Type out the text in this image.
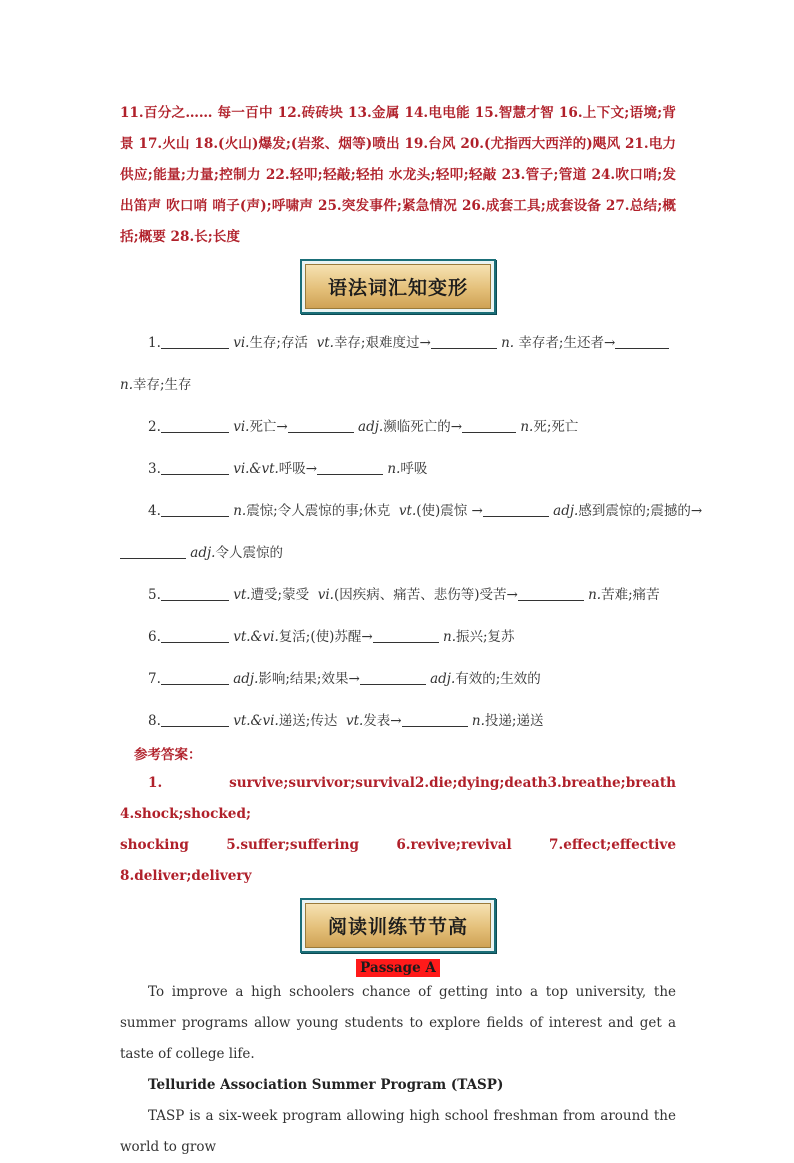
11.百分之…… 每一百中 12.砖砖块 13.金属 14.电电能 15.智慧才智 16.上下文;语境;背景 17.火山 18.(火山)爆发;(岩浆、烟等)喷出 19.台风 20.(尤指西大西洋的)飓风 21.电力供应;能量;力量;控制力 22.轻叩;轻敲;轻拍 水龙头;轻叩;轻敲 23.管子;管道 24.吹口哨;发出笛声 吹口哨 哨子(声);呼啸声 25.突发事件;紧急情况 26.成套工具;成套设备 27.总结;概括;概要 28.长;长度

语法词汇知变形
1.	vi.生存;存活 vt.幸存;艰难度过→	n. 幸存者;生还者→
n.幸存;生存
2.	vi.死亡→	adj.濒临死亡的→	n.死;死亡
3.	vi.&vt.呼吸→	n.呼吸
4.	n.震惊;令人震惊的事;休克 vt.(使)震惊 →	adj.感到震惊的;震撼的→
adj.令人震惊的
5.	vt.遭受;蒙受 vi.(因疾病、痛苦、悲伤等)受苦→	n.苦难;痛苦
6.	vt.&vi.复活;(使)苏醒→	n.振兴;复苏
7.	adj.影响;结果;效果→	adj.有效的;生效的
8.	vt.&vi.递送;传达 vt.发表→	n.投递;递送

参考答案：

1.　 survive;survivor;survival2.die;dying;death3.breathe;breath　4.shock;shocked;
shocking　5.suffer;suffering　6.revive;revival　7.effect;effective　8.deliver;delivery

阅读训练节节高
Passage A

To improve a high schoolers chance of getting into a top university, the summer programs allow young students to explore fields of interest and get a taste of college life.

Telluride Association Summer Program (TASP)

TASP is a six-week program allowing high school freshman from around the world to grow
